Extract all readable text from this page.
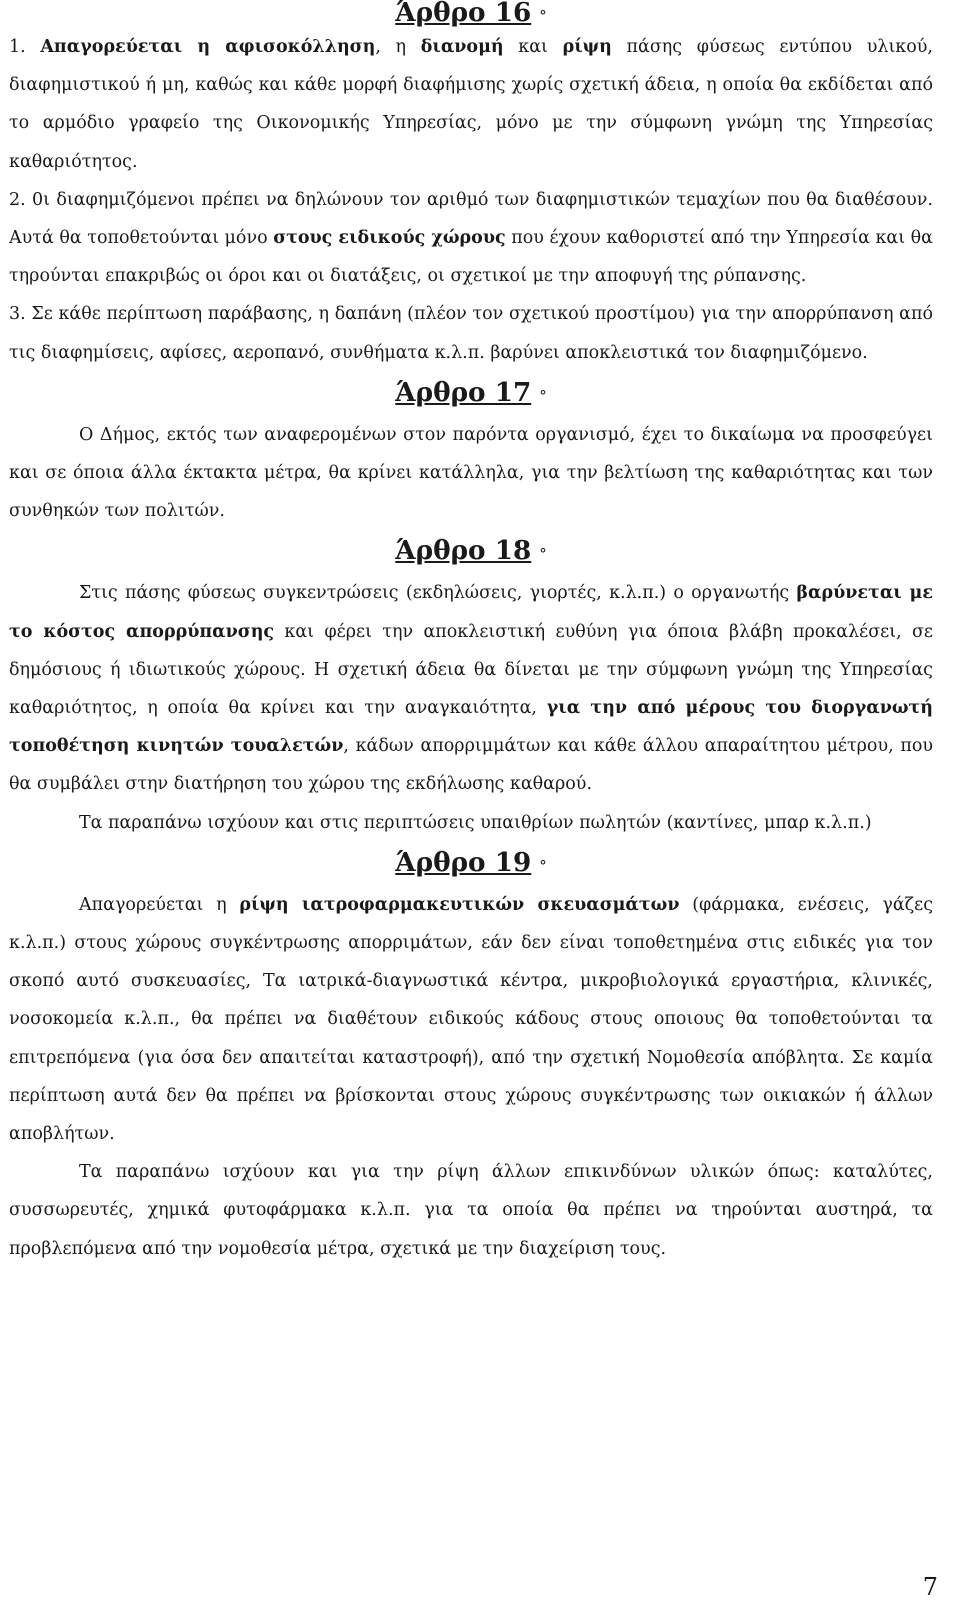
Άρθρο 16 °

1. Απαγορεύεται η αφισοκόλληση, η διανομή και ρίψη πάσης φύσεως εντύπου υλικού, διαφημιστικού ή μη, καθώς και κάθε μορφή διαφήμισης χωρίς σχετική άδεια, η οποία θα εκδίδεται από το αρμόδιο γραφείο της Οικονομικής Υπηρεσίας, μόνο με την σύμφωνη γνώμη της Υπηρεσίας καθαριότητος.

2. 0ι διαφημιζόμενοι πρέπει να δηλώνουν τον αριθμό των διαφημιστικών τεμαχίων που θα διαθέσουν. Αυτά θα τοποθετούνται μόνο στους ειδικούς χώρους που έχουν καθοριστεί από την Υπηρεσία και θα τηρούνται επακριβώς οι όροι και οι διατάξεις, οι σχετικοί με την αποφυγή της ρύπανσης.

3. Σε κάθε περίπτωση παράβασης, η δαπάνη (πλέον τον σχετικού προστίμου) για την απορρύπανση από τις διαφημίσεις, αφίσες, αεροπανό, συνθήματα κ.λ.π. βαρύνει αποκλειστικά τον διαφημιζόμενο.

Άρθρο 17 °

Ο Δήμος, εκτός των αναφερομένων στον παρόντα οργανισμό, έχει το δικαίωμα να προσφεύγει και σε όποια άλλα έκτακτα μέτρα, θα κρίνει κατάλληλα, για την βελτίωση της καθαριότητας και των συνθηκών των πολιτών.

Άρθρο 18 °

Στις πάσης φύσεως συγκεντρώσεις (εκδηλώσεις, γιορτές, κ.λ.π.) ο οργανωτής βαρύνεται με το κόστος απορρύπανσης και φέρει την αποκλειστική ευθύνη για όποια βλάβη προκαλέσει, σε δημόσιους ή ιδιωτικούς χώρους. Η σχετική άδεια θα δίνεται με την σύμφωνη γνώμη της Υπηρεσίας καθαριότητος, η οποία θα κρίνει και την αναγκαιότητα, για την από μέρους του διοργανωτή τοποθέτηση κινητών τουαλετών, κάδων απορριμμάτων και κάθε άλλου απαραίτητου μέτρου, που θα συμβάλει στην διατήρηση του χώρου της εκδήλωσης καθαρού.

Τα παραπάνω ισχύουν και στις περιπτώσεις υπαιθρίων πωλητών (καντίνες, μπαρ κ.λ.π.)

Άρθρο 19 °

Απαγορεύεται η ρίψη ιατροφαρμακευτικών σκευασμάτων (φάρμακα, ενέσεις, γάζες κ.λ.π.) στους χώρους συγκέντρωσης απορριμάτων, εάν δεν είναι τοποθετημένα στις ειδικές για τον σκοπό αυτό συσκευασίες, Τα ιατρικά-διαγνωστικά κέντρα, μικροβιολογικά εργαστήρια, κλινικές, νοσοκομεία κ.λ.π., θα πρέπει να διαθέτουν ειδικούς κάδους στους οποιους θα τοποθετούνται τα επιτρεπόμενα (για όσα δεν απαιτείται καταστροφή), από την σχετική Νομοθεσία απόβλητα. Σε καμία περίπτωση αυτά δεν θα πρέπει να βρίσκονται στους χώρους συγκέντρωσης των οικιακών ή άλλων αποβλήτων.

Τα παραπάνω ισχύουν και για την ρίψη άλλων επικινδύνων υλικών όπως: καταλύτες, συσσωρευτές, χημικά φυτοφάρμακα κ.λ.π. για τα οποία θα πρέπει να τηρούνται αυστηρά, τα προβλεπόμενα από την νομοθεσία μέτρα, σχετικά με την διαχείριση τους.

7
